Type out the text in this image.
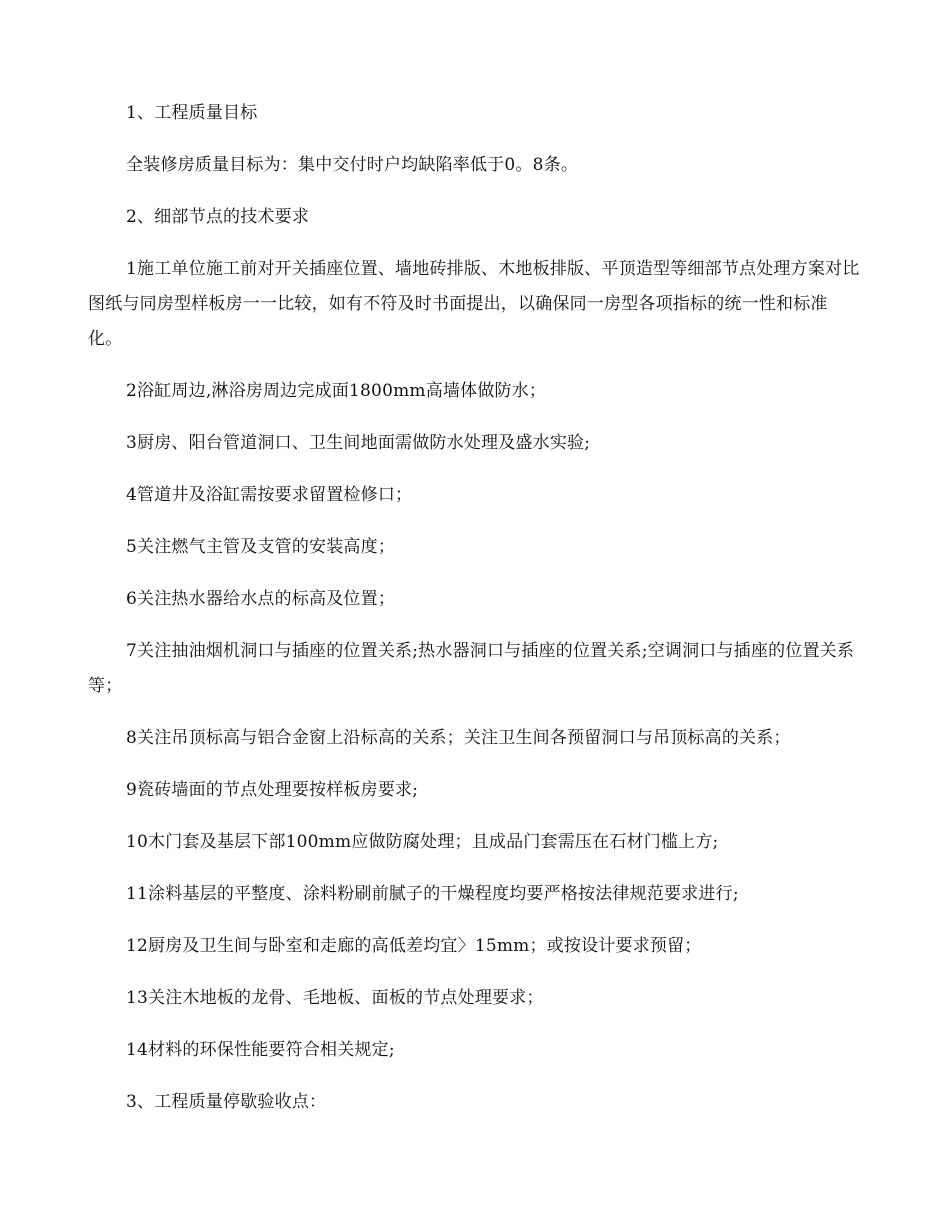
1、工程质量目标

全装修房质量目标为：集中交付时户均缺陷率低于0。8条。

2、细部节点的技术要求

1施工单位施工前对开关插座位置、墙地砖排版、木地板排版、平顶造型等细部节点处理方案对比图纸与同房型样板房一一比较，如有不符及时书面提出，以确保同一房型各项指标的统一性和标准化。

2浴缸周边,淋浴房周边完成面1800mm高墙体做防水；

3厨房、阳台管道洞口、卫生间地面需做防水处理及盛水实验;

4管道井及浴缸需按要求留置检修口；

5关注燃气主管及支管的安装高度；

6关注热水器给水点的标高及位置；

7关注抽油烟机洞口与插座的位置关系;热水器洞口与插座的位置关系;空调洞口与插座的位置关系等；

8关注吊顶标高与铝合金窗上沿标高的关系；关注卫生间各预留洞口与吊顶标高的关系；

9瓷砖墙面的节点处理要按样板房要求;

10木门套及基层下部100mm应做防腐处理；且成品门套需压在石材门槛上方;

11涂料基层的平整度、涂料粉刷前腻子的干燥程度均要严格按法律规范要求进行;

12厨房及卫生间与卧室和走廊的高低差均宜〉15mm；或按设计要求预留；

13关注木地板的龙骨、毛地板、面板的节点处理要求；

14材料的环保性能要符合相关规定;

3、工程质量停歇验收点：
